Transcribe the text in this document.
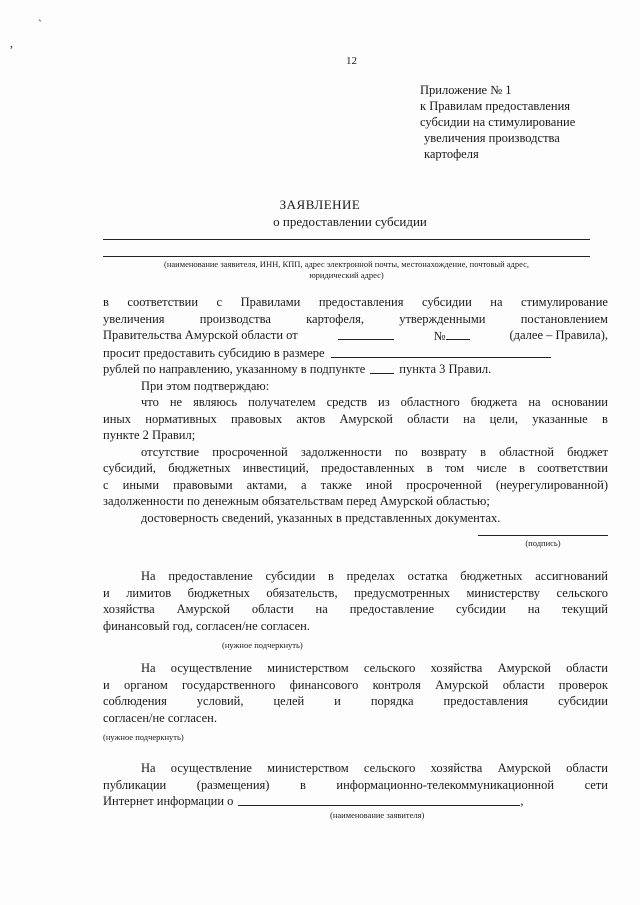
ˏ
,
12
Приложение № 1
к Правилам предоставления
субсидии на стимулирование
увеличения производства
картофеля
ЗАЯВЛЕНИЕ
о предоставлении субсидии
(наименование заявителя, ИНН, КПП, адрес электронной почты, местонахождение, почтовый адрес,
юридический адрес)
в соответствии с Правилами предоставления субсидии на стимулирование
увеличения	производства	картофеля,	утвержденными	постановлением
Правительства Амурской области от	№	(далее – Правила),
просит предоставить субсидию в размере
рублей по направлению, указанному в подпункте	пункта 3 Правил.
При этом подтверждаю:
что не являюсь получателем средств из областного бюджета на основании
иных нормативных правовых актов Амурской области на цели, указанные в
пункте 2 Правил;
отсутствие просроченной задолженности по возврату в областной бюджет
субсидий, бюджетных инвестиций, предоставленных в том числе в соответствии
с иными правовыми актами, а также иной просроченной (неурегулированной)
задолженности по денежным обязательствам перед Амурской областью;
достоверность сведений, указанных в представленных документах.
(подпись)
На предоставление субсидии в пределах остатка бюджетных ассигнований
и лимитов бюджетных обязательств, предусмотренных министерству сельского
хозяйства Амурской области на предоставление субсидии на текущий
финансовый год, согласен/не согласен.
(нужное подчеркнуть)
На осуществление министерством сельского хозяйства Амурской области
и органом государственного финансового контроля Амурской области проверок
соблюдения условий, целей и порядка предоставления субсидии
согласен/не согласен.
(нужное подчеркнуть)
На осуществление министерством сельского хозяйства Амурской области
публикации (размещения) в информационно-телекоммуникационной сети
Интернет информации о	,
(наименование заявителя)
